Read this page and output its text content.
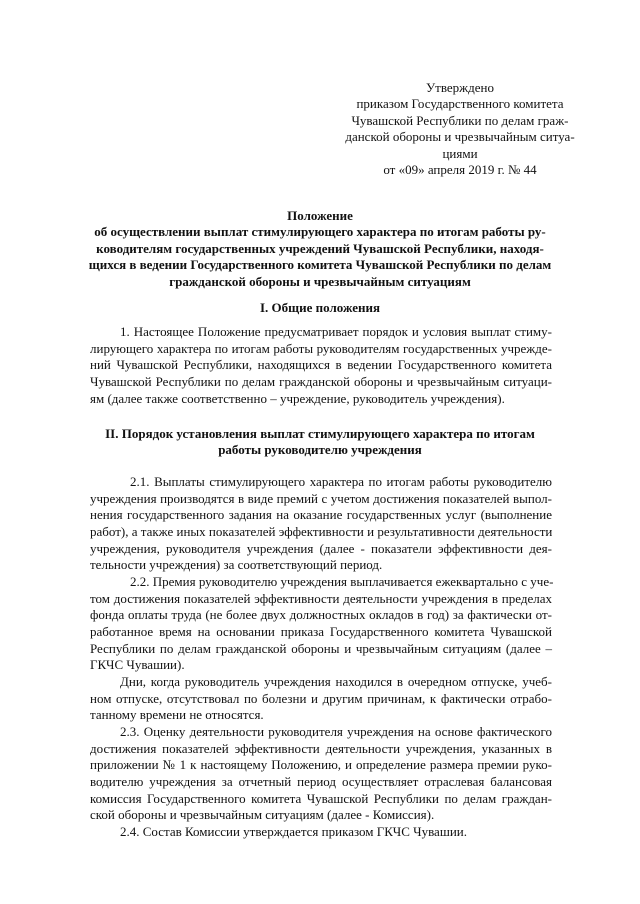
Утверждено
приказом Государственного комитета
Чувашской Республики по делам граж-
данской обороны и чрезвычайным ситуа-
циями
от «09» апреля 2019 г. № 44
Положение
об осуществлении выплат стимулирующего характера по итогам работы ру-
ководителям государственных учреждений Чувашской Республики, находя-
щихся в ведении Государственного комитета Чувашской Республики по делам
гражданской обороны и чрезвычайным ситуациям
I. Общие положения
1. Настоящее Положение предусматривает порядок и условия выплат стиму-
лирующего характера по итогам работы руководителям государственных учрежде-
ний Чувашской Республики, находящихся в ведении Государственного комитета
Чувашской Республики по делам гражданской обороны и чрезвычайным ситуаци-
ям (далее также соответственно – учреждение, руководитель учреждения).
II. Порядок установления выплат стимулирующего характера по итогам
работы руководителю учреждения
2.1. Выплаты стимулирующего характера по итогам работы руководителю
учреждения производятся в виде премий с учетом достижения показателей выпол-
нения государственного задания на оказание государственных услуг (выполнение
работ), а также иных показателей эффективности и результативности деятельности
учреждения, руководителя учреждения (далее - показатели эффективности дея-
тельности учреждения) за соответствующий период.
2.2. Премия руководителю учреждения выплачивается ежеквартально с уче-
том достижения показателей эффективности деятельности учреждения в пределах
фонда оплаты труда (не более двух должностных окладов в год) за фактически от-
работанное время на основании приказа Государственного комитета Чувашской
Республики по делам гражданской обороны и чрезвычайным ситуациям (далее –
ГКЧС Чувашии).
Дни, когда руководитель учреждения находился в очередном отпуске, учеб-
ном отпуске, отсутствовал по болезни и другим причинам, к фактически отрабо-
танному времени не относятся.
2.3. Оценку деятельности руководителя учреждения на основе фактического
достижения показателей эффективности деятельности учреждения, указанных в
приложении № 1 к настоящему Положению, и определение размера премии руко-
водителю учреждения за отчетный период осуществляет отраслевая балансовая
комиссия Государственного комитета Чувашской Республики по делам граждан-
ской обороны и чрезвычайным ситуациям (далее - Комиссия).
2.4. Состав Комиссии утверждается приказом ГКЧС Чувашии.
